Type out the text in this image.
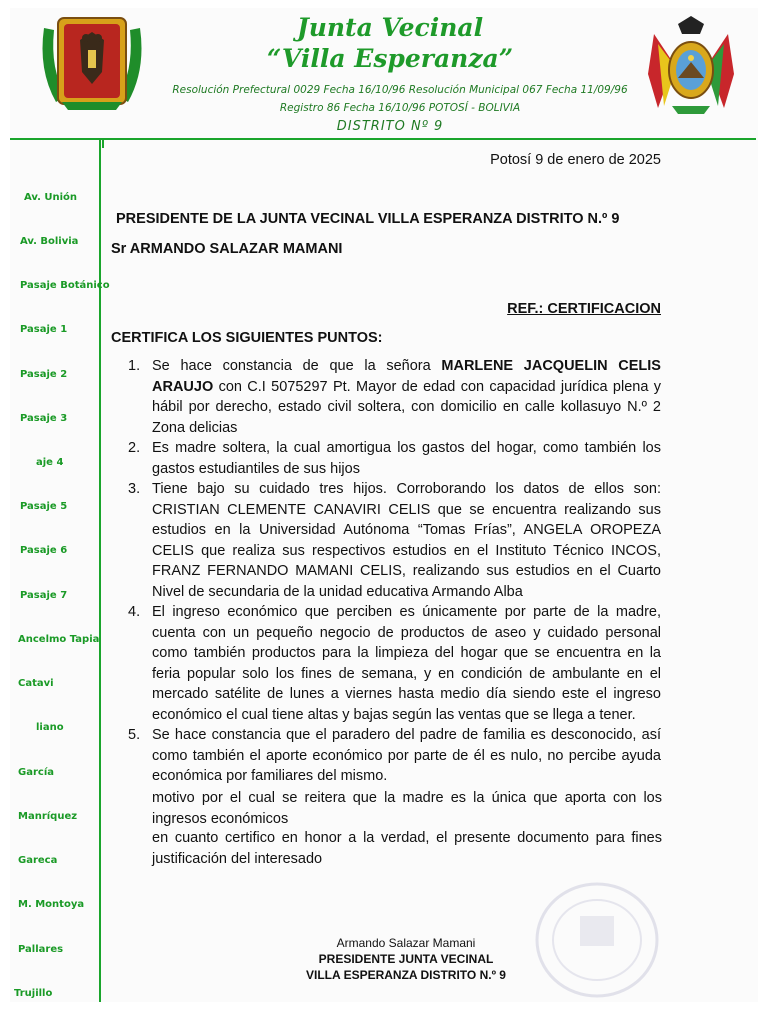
Junta Vecinal
“Villa Esperanza”
Resolución Prefectural 0029 Fecha 16/10/96 Resolución Municipal 067 Fecha 11/09/96
Registro 86 Fecha 16/10/96 POTOSÍ - BOLIVIA
DISTRITO Nº 9
Av. Unión
Av. Bolivia
Pasaje Botánico
Pasaje 1
Pasaje 2
Pasaje 3
aje 4
Pasaje 5
Pasaje 6
Pasaje 7
Ancelmo Tapia
Catavi
liano
García
Manríquez
Gareca
M. Montoya
Pallares
Trujillo
Potosí 9 de enero de 2025
PRESIDENTE DE LA JUNTA VECINAL VILLA ESPERANZA DISTRITO N.º 9
Sr ARMANDO SALAZAR MAMANI
REF.: CERTIFICACION
CERTIFICA LOS SIGUIENTES PUNTOS:
1. Se hace constancia de que la señora MARLENE JACQUELIN CELIS ARAUJO con C.I 5075297 Pt. Mayor de edad con capacidad jurídica plena y hábil por derecho, estado civil soltera, con domicilio en calle kollasuyo N.º 2 Zona delicias
2. Es madre soltera, la cual amortigua los gastos del hogar, como también los gastos estudiantiles de sus hijos
3. Tiene bajo su cuidado tres hijos. Corroborando los datos de ellos son: CRISTIAN CLEMENTE CANAVIRI CELIS que se encuentra realizando sus estudios en la Universidad Autónoma “Tomas Frías”, ANGELA OROPEZA CELIS que realiza sus respectivos estudios en el Instituto Técnico INCOS, FRANZ FERNANDO MAMANI CELIS, realizando sus estudios en el Cuarto Nivel de secundaria de la unidad educativa Armando Alba
4. El ingreso económico que perciben es únicamente por parte de la madre, cuenta con un pequeño negocio de productos de aseo y cuidado personal como también productos para la limpieza del hogar que se encuentra en la feria popular solo los fines de semana, y en condición de ambulante en el mercado satélite de lunes a viernes hasta medio día siendo este el ingreso económico el cual tiene altas y bajas según las ventas que se llega a tener.
5. Se hace constancia que el paradero del padre de familia es desconocido, así como también el aporte económico por parte de él es nulo, no percibe ayuda económica por familiares del mismo.
motivo por el cual se reitera que la madre es la única que aporta con los ingresos económicos
en cuanto certifico en honor a la verdad, el presente documento para fines justificación del interesado
Armando Salazar Mamani
PRESIDENTE JUNTA VECINAL
VILLA ESPERANZA DISTRITO N.º 9
